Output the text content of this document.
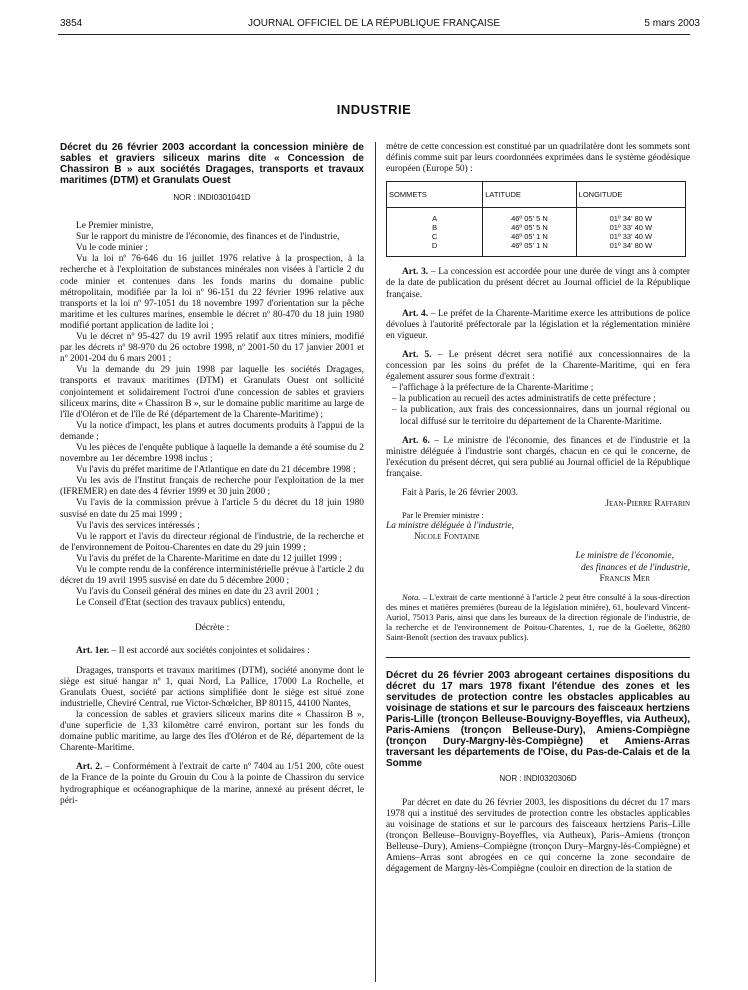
3854	JOURNAL OFFICIEL DE LA RÉPUBLIQUE FRANÇAISE	5 mars 2003
INDUSTRIE
Décret du 26 février 2003 accordant la concession minière de sables et graviers siliceux marins dite « Concession de Chassiron B » aux sociétés Dragages, transports et travaux maritimes (DTM) et Granulats Ouest
NOR : INDI0301041D

Le Premier ministre,

Sur le rapport du ministre de l'économie, des finances et de l'industrie,

Vu le code minier ;

Vu la loi nº 76-646 du 16 juillet 1976 relative à la prospection, à la recherche et à l'exploitation de substances minérales non visées à l'article 2 du code minier et contenues dans les fonds marins du domaine public métropolitain, modifiée par la loi nº 96-151 du 22 février 1996 relative aux transports et la loi nº 97-1051 du 18 novembre 1997 d'orientation sur la pêche maritime et les cultures marines, ensemble le décret nº 80-470 du 18 juin 1980 modifié portant application de ladite loi ;

Vu le décret nº 95-427 du 19 avril 1995 relatif aux titres miniers, modifié par les décrets nº 98-970 du 26 octobre 1998, nº 2001-50 du 17 janvier 2001 et nº 2001-204 du 6 mars 2001 ;

Vu la demande du 29 juin 1998 par laquelle les sociétés Dragages, transports et travaux maritimes (DTM) et Granulats Ouest ont sollicité conjointement et solidairement l'octroi d'une concession de sables et graviers siliceux marins, dite « Chassiron B », sur le domaine public maritime au large de l'île d'Oléron et de l'île de Ré (département de la Charente-Maritime) ;

Vu la notice d'impact, les plans et autres documents produits à l'appui de la demande ;

Vu les pièces de l'enquête publique à laquelle la demande a été soumise du 2 novembre au 1er décembre 1998 inclus ;

Vu l'avis du préfet maritime de l'Atlantique en date du 21 décembre 1998 ;

Vu les avis de l'Institut français de recherche pour l'exploitation de la mer (IFREMER) en date des 4 février 1999 et 30 juin 2000 ;

Vu l'avis de la commission prévue à l'article 5 du décret du 18 juin 1980 susvisé en date du 25 mai 1999 ;

Vu l'avis des services intéressés ;

Vu le rapport et l'avis du directeur régional de l'industrie, de la recherche et de l'environnement de Poitou-Charentes en date du 29 juin 1999 ;

Vu l'avis du préfet de la Charente-Maritime en date du 12 juillet 1999 ;

Vu le compte rendu de la conférence interministérielle prévue à l'article 2 du décret du 19 avril 1995 susvisé en date du 5 décembre 2000 ;

Vu l'avis du Conseil général des mines en date du 23 avril 2001 ;

Le Conseil d'Etat (section des travaux publics) entendu,

Décrète :

Art. 1er. – Il est accordé aux sociétés conjointes et solidaires :

Dragages, transports et travaux maritimes (DTM), société anonyme dont le siège est situé hangar nº 1, quai Nord, La Pallice, 17000 La Rochelle, et Granulats Ouest, société par actions simplifiée dont le siège est situé zone industrielle, Cheviré Central, rue Victor-Schœlcher, BP 80115, 44100 Nantes,

la concession de sables et graviers siliceux marins dite « Chassiron B », d'une superficie de 1,33 kilomètre carré environ, portant sur les fonds du domaine public maritime, au large des îles d'Oléron et de Ré, département de la Charente-Maritime.

Art. 2. – Conformément à l'extrait de carte nº 7404 au 1/51 200, côte ouest de la France de la pointe du Grouin du Cou à la pointe de Chassiron du service hydrographique et océanographique de la marine, annexé au présent décret, le péri-

mètre de cette concession est constitué par un quadrilatère dont les sommets sont définis comme suit par leurs coordonnées exprimées dans le système géodésique européen (Europe 50) :

SOMMETS	LATITUDE	LONGITUDE
A	46º 05' 5 N	01º 34' 80 W
B	46º 05' 5 N	01º 33' 40 W
C	46º 05' 1 N	01º 33' 40 W
D	46º 05' 1 N	01º 34' 80 W

Art. 3. – La concession est accordée pour une durée de vingt ans à compter de la date de publication du présent décret au Journal officiel de la République française.

Art. 4. – Le préfet de la Charente-Maritime exerce les attributions de police dévolues à l'autorité préfectorale par la législation et la réglementation minière en vigueur.

Art. 5. – Le présent décret sera notifié aux concessionnaires de la concession par les soins du préfet de la Charente-Maritime, qui en fera également assurer sous forme d'extrait :

– l'affichage à la préfecture de la Charente-Maritime ;
– la publication au recueil des actes administratifs de cette préfecture ;
– la publication, aux frais des concessionnaires, dans un journal régional ou local diffusé sur le territoire du département de la Charente-Maritime.

Art. 6. – Le ministre de l'économie, des finances et de l'industrie et la ministre déléguée à l'industrie sont chargés, chacun en ce qui le concerne, de l'exécution du présent décret, qui sera publié au Journal officiel de la République française.

Fait à Paris, le 26 février 2003.

Jean-Pierre Raffarin

Par le Premier ministre :

La ministre déléguée à l'industrie,

Nicole Fontaine

Le ministre de l'économie,

des finances et de l'industrie,

Francis Mer

Nota. – L'extrait de carte mentionné à l'article 2 peut être consulté à la sous-direction des mines et matières premières (bureau de la législation minière), 61, boulevard Vincent-Auriol, 75013 Paris, ainsi que dans les bureaux de la direction régionale de l'industrie, de la recherche et de l'environnement de Poitou-Charentes, 1, rue de la Goélette, 86280 Saint-Benoît (section des travaux publics).

Décret du 26 février 2003 abrogeant certaines dispositions du décret du 17 mars 1978 fixant l'étendue des zones et les servitudes de protection contre les obstacles applicables au voisinage de stations et sur le parcours des faisceaux hertziens Paris-Lille (tronçon Belleuse-Bouvigny-Boyeffles, via Autheux), Paris-Amiens (tronçon Belleuse-Dury), Amiens-Compiègne (tronçon Dury-Margny-lès-Compiègne) et Amiens-Arras traversant les départements de l'Oise, du Pas-de-Calais et de la Somme
NOR : INDI0320306D

Par décret en date du 26 février 2003, les dispositions du décret du 17 mars 1978 qui a institué des servitudes de protection contre les obstacles applicables au voisinage de stations et sur le parcours des faisceaux hertziens Paris–Lille (tronçon Belleuse–Bouvigny-Boyeffles, via Autheux), Paris–Amiens (tronçon Belleuse–Dury), Amiens–Compiègne (tronçon Dury–Margny-lès-Compiègne) et Amiens–Arras sont abrogées en ce qui concerne la zone secondaire de dégagement de Margny-lès-Compiègne (couloir en direction de la station de
